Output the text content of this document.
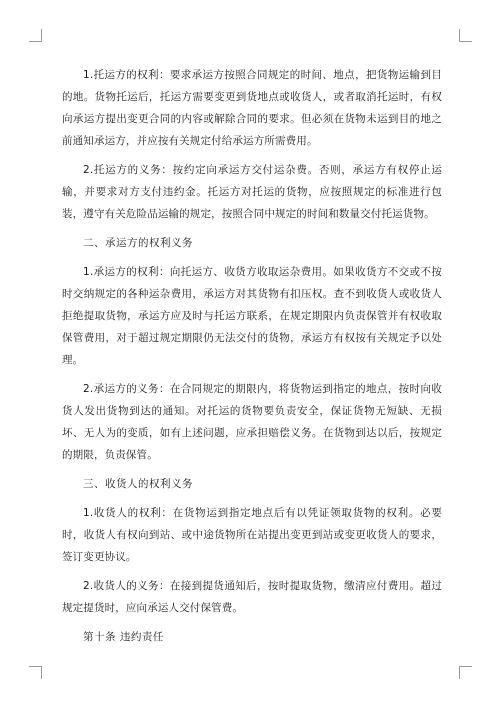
1.托运方的权利：要求承运方按照合同规定的时间、地点，把货物运输到目的地。货物托运后，托运方需要变更到货地点或收货人，或者取消托运时，有权向承运方提出变更合同的内容或解除合同的要求。但必须在货物未运到目的地之前通知承运方，并应按有关规定付给承运方所需费用。

2.托运方的义务：按约定向承运方交付运杂费。否则，承运方有权停止运输，并要求对方支付违约金。托运方对托运的货物，应按照规定的标准进行包装，遵守有关危险品运输的规定，按照合同中规定的时间和数量交付托运货物。

二、承运方的权利义务

1.承运方的权利：向托运方、收货方收取运杂费用。如果收货方不交或不按时交纳规定的各种运杂费用，承运方对其货物有扣压权。查不到收货人或收货人拒绝提取货物，承运方应及时与托运方联系，在规定期限内负责保管并有权收取保管费用，对于超过规定期限仍无法交付的货物，承运方有权按有关规定予以处理。

2.承运方的义务：在合同规定的期限内，将货物运到指定的地点，按时向收货人发出货物到达的通知。对托运的货物要负责安全，保证货物无短缺、无损坏、无人为的变质，如有上述问题，应承担赔偿义务。在货物到达以后，按规定的期限，负责保管。

三、收货人的权利义务

1.收货人的权利：在货物运到指定地点后有以凭证领取货物的权利。必要时，收货人有权向到站、或中途货物所在站提出变更到站或变更收货人的要求，签订变更协议。

2.收货人的义务：在接到提货通知后，按时提取货物，缴清应付费用。超过规定提货时，应向承运人交付保管费。

第十条 违约责任
